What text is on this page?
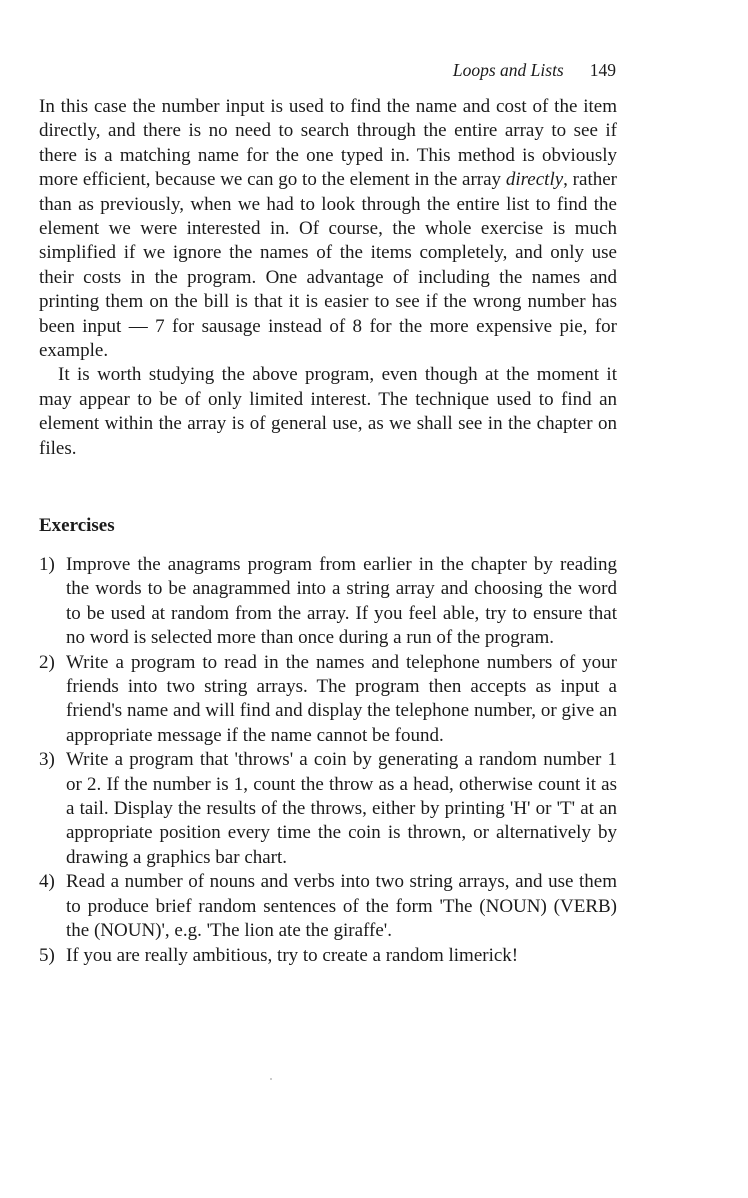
Loops and Lists 149

In this case the number input is used to find the name and cost of the item directly, and there is no need to search through the entire array to see if there is a matching name for the one typed in. This method is obviously more efficient, because we can go to the element in the array directly, rather than as previously, when we had to look through the entire list to find the element we were interested in. Of course, the whole exercise is much simplified if we ignore the names of the items completely, and only use their costs in the program. One advantage of including the names and printing them on the bill is that it is easier to see if the wrong number has been input — 7 for sausage instead of 8 for the more expensive pie, for example.

It is worth studying the above program, even though at the moment it may appear to be of only limited interest. The technique used to find an element within the array is of general use, as we shall see in the chapter on files.

Exercises
1) Improve the anagrams program from earlier in the chapter by reading the words to be anagrammed into a string array and choosing the word to be used at random from the array. If you feel able, try to ensure that no word is selected more than once during a run of the program.
2) Write a program to read in the names and telephone numbers of your friends into two string arrays. The program then accepts as input a friend's name and will find and display the telephone number, or give an appropriate message if the name cannot be found.
3) Write a program that 'throws' a coin by generating a random number 1 or 2. If the number is 1, count the throw as a head, otherwise count it as a tail. Display the results of the throws, either by printing 'H' or 'T' at an appropriate position every time the coin is thrown, or alternatively by drawing a graphics bar chart.
4) Read a number of nouns and verbs into two string arrays, and use them to produce brief random sentences of the form 'The (NOUN) (VERB) the (NOUN)', e.g. 'The lion ate the giraffe'.
5) If you are really ambitious, try to create a random limerick!
